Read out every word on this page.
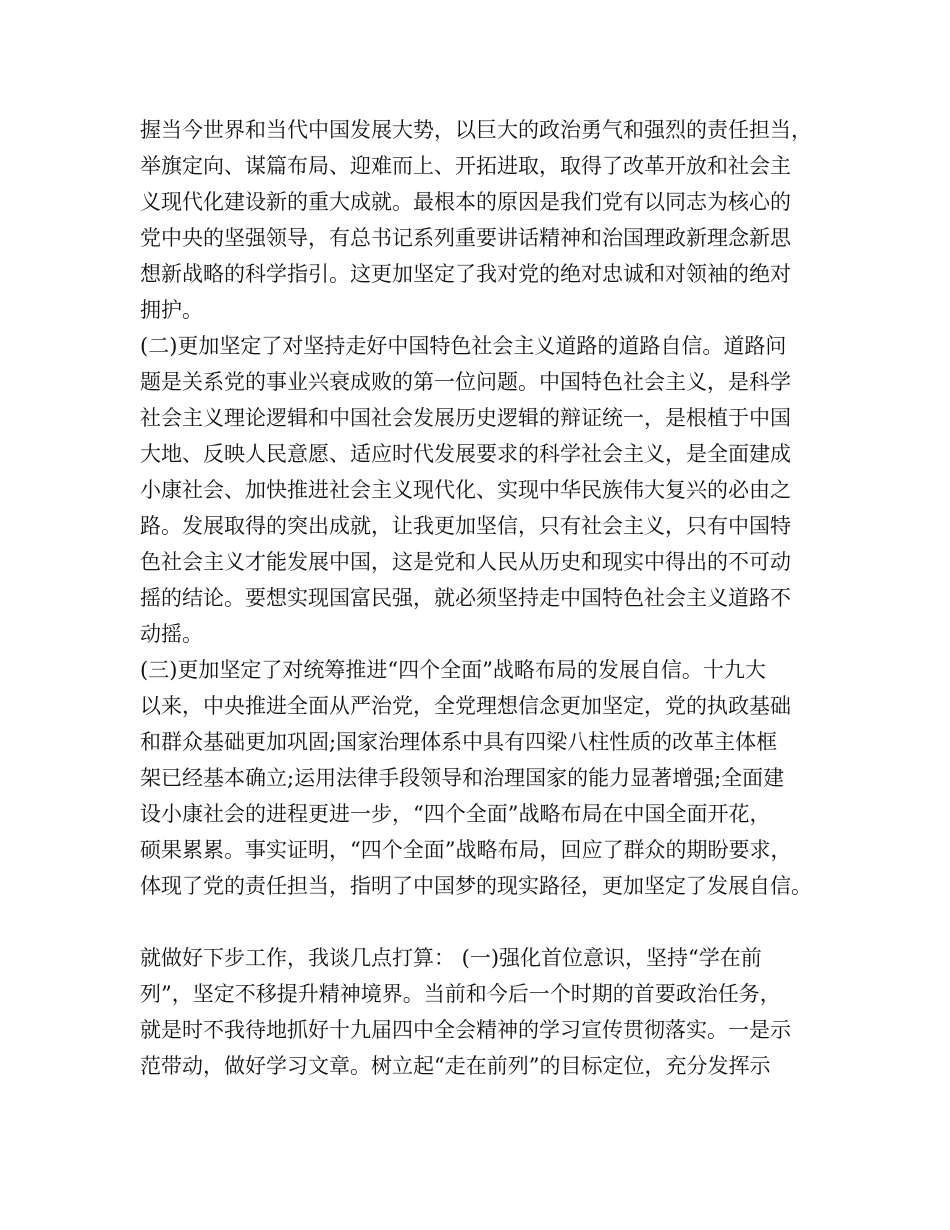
握当今世界和当代中国发展大势，以巨大的政治勇气和强烈的责任担当，
举旗定向、谋篇布局、迎难而上、开拓进取，取得了改革开放和社会主
义现代化建设新的重大成就。最根本的原因是我们党有以同志为核心的
党中央的坚强领导，有总书记系列重要讲话精神和治国理政新理念新思
想新战略的科学指引。这更加坚定了我对党的绝对忠诚和对领袖的绝对
拥护。
(二)更加坚定了对坚持走好中国特色社会主义道路的道路自信。道路问
题是关系党的事业兴衰成败的第一位问题。中国特色社会主义，是科学
社会主义理论逻辑和中国社会发展历史逻辑的辩证统一，是根植于中国
大地、反映人民意愿、适应时代发展要求的科学社会主义，是全面建成
小康社会、加快推进社会主义现代化、实现中华民族伟大复兴的必由之
路。发展取得的突出成就，让我更加坚信，只有社会主义，只有中国特
色社会主义才能发展中国，这是党和人民从历史和现实中得出的不可动
摇的结论。要想实现国富民强，就必须坚持走中国特色社会主义道路不
动摇。
(三)更加坚定了对统筹推进“四个全面”战略布局的发展自信。十九大
以来，中央推进全面从严治党，全党理想信念更加坚定，党的执政基础
和群众基础更加巩固;国家治理体系中具有四梁八柱性质的改革主体框
架已经基本确立;运用法律手段领导和治理国家的能力显著增强;全面建
设小康社会的进程更进一步，“四个全面”战略布局在中国全面开花，
硕果累累。事实证明，“四个全面”战略布局，回应了群众的期盼要求，
体现了党的责任担当，指明了中国梦的现实路径，更加坚定了发展自信。
就做好下步工作，我谈几点打算： (一)强化首位意识，坚持“学在前
列”，坚定不移提升精神境界。当前和今后一个时期的首要政治任务，
就是时不我待地抓好十九届四中全会精神的学习宣传贯彻落实。一是示
范带动，做好学习文章。树立起“走在前列”的目标定位，充分发挥示
